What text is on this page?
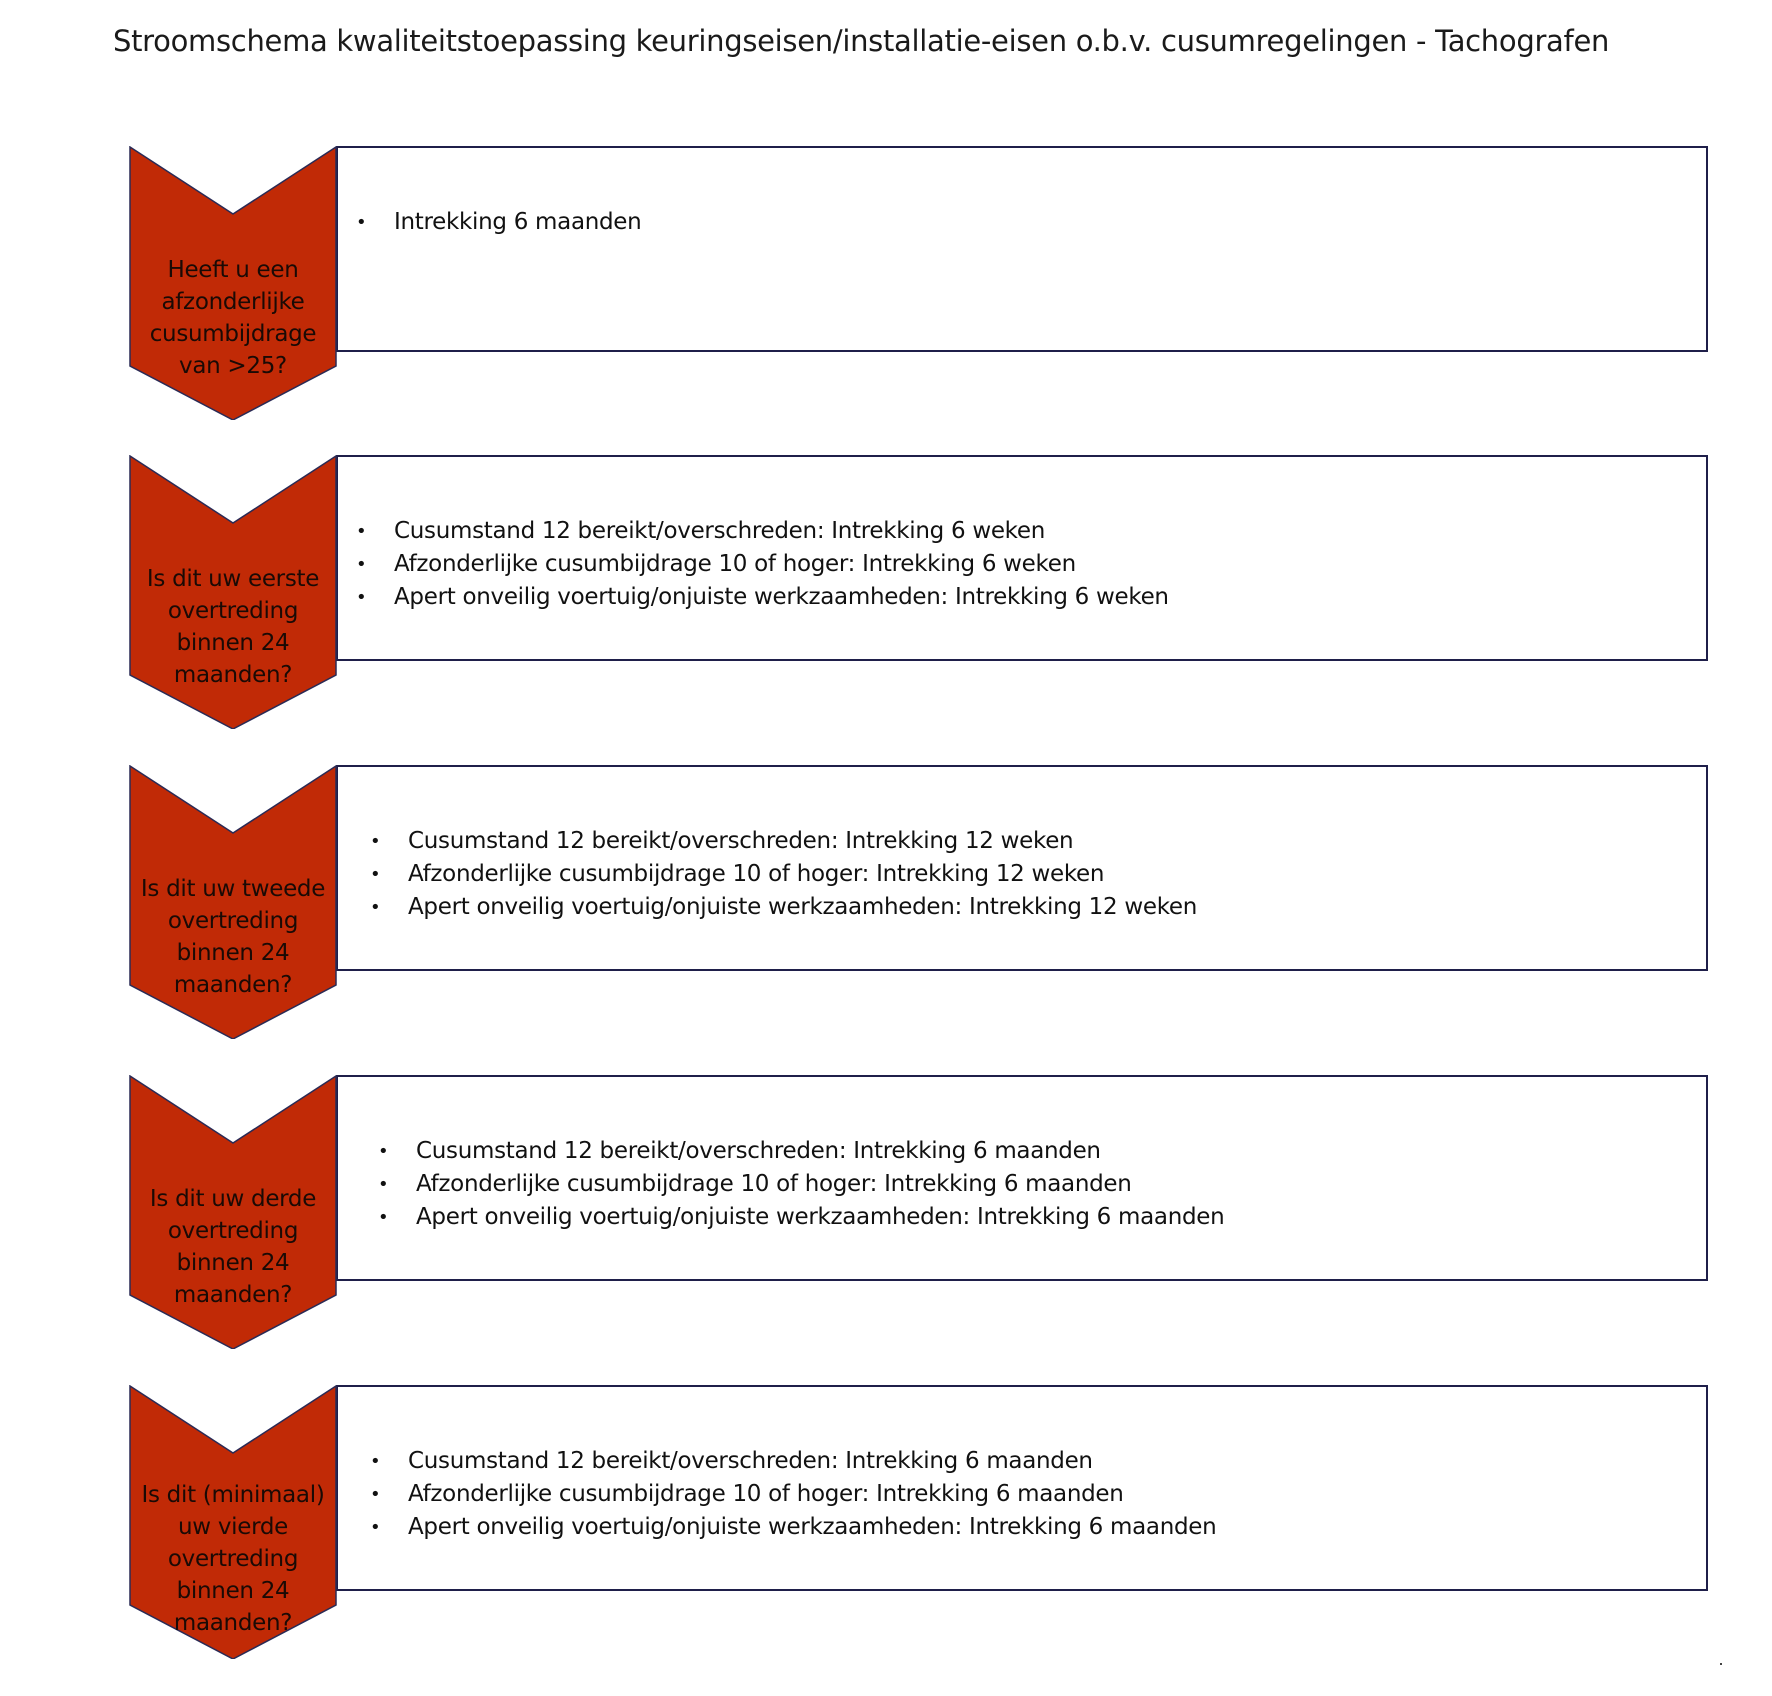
Stroomschema kwaliteitstoepassing keuringseisen/installatie-eisen o.b.v. cusumregelingen - Tachografen
• Intrekking 6 maanden
Heeft u een
afzonderlijke
cusumbijdrage
van >25?
• Cusumstand 12 bereikt/overschreden: Intrekking 6 weken
• Afzonderlijke cusumbijdrage 10 of hoger: Intrekking 6 weken
• Apert onveilig voertuig/onjuiste werkzaamheden: Intrekking 6 weken
Is dit uw eerste
overtreding
binnen 24
maanden?
• Cusumstand 12 bereikt/overschreden: Intrekking 12 weken
• Afzonderlijke cusumbijdrage 10 of hoger: Intrekking 12 weken
• Apert onveilig voertuig/onjuiste werkzaamheden: Intrekking 12 weken
Is dit uw tweede
overtreding
binnen 24
maanden?
• Cusumstand 12 bereikt/overschreden: Intrekking 6 maanden
• Afzonderlijke cusumbijdrage 10 of hoger: Intrekking 6 maanden
• Apert onveilig voertuig/onjuiste werkzaamheden: Intrekking 6 maanden
Is dit uw derde
overtreding
binnen 24
maanden?
• Cusumstand 12 bereikt/overschreden: Intrekking 6 maanden
• Afzonderlijke cusumbijdrage 10 of hoger: Intrekking 6 maanden
• Apert onveilig voertuig/onjuiste werkzaamheden: Intrekking 6 maanden
Is dit (minimaal)
uw vierde
overtreding
binnen 24
maanden?
